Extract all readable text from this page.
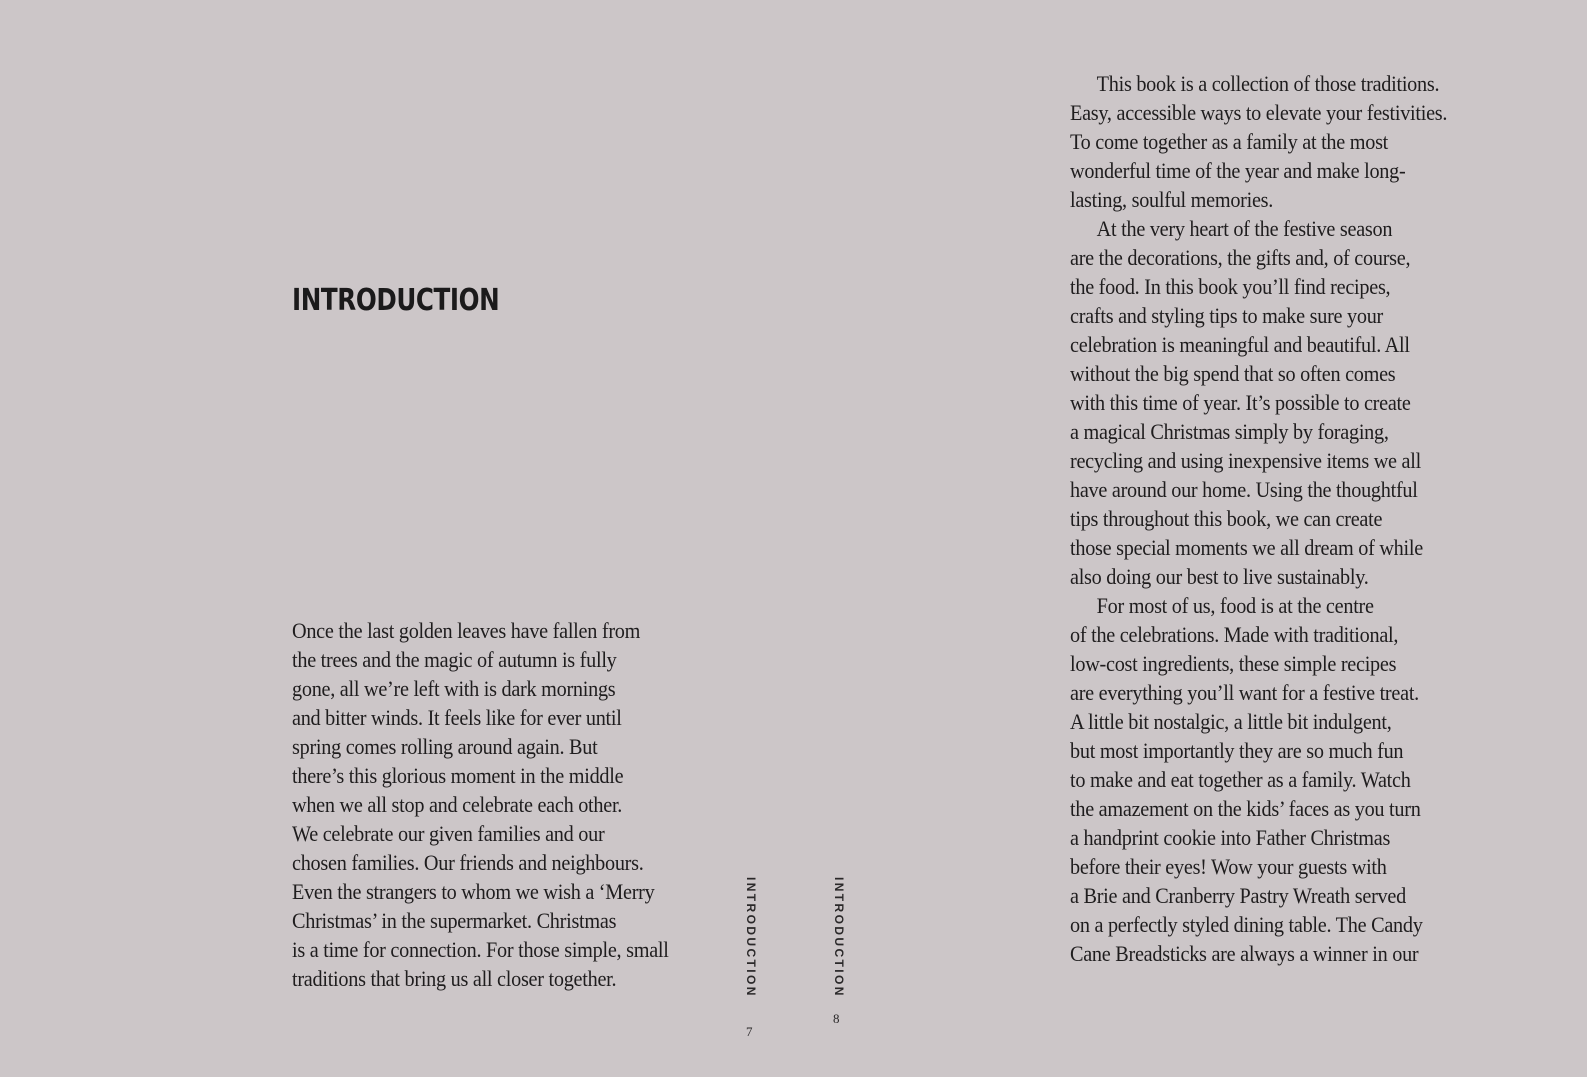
INTRODUCTION

Once the last golden leaves have fallen from
the trees and the magic of autumn is fully
gone, all we’re left with is dark mornings
and bitter winds. It feels like for ever until
spring comes rolling around again. But
there’s this glorious moment in the middle
when we all stop and celebrate each other.
We celebrate our given families and our
chosen families. Our friends and neighbours.
Even the strangers to whom we wish a ‘Merry
Christmas’ in the supermarket. Christmas
is a time for connection. For those simple, small
traditions that bring us all closer together.	INTRODUCTION
7
INTRODUCTION
8

This book is a collection of those traditions.
Easy, accessible ways to elevate your festivities.
To come together as a family at the most
wonderful time of the year and make long-
lasting, soulful memories.
At the very heart of the festive season
are the decorations, the gifts and, of course,
the food. In this book you’ll find recipes,
crafts and styling tips to make sure your
celebration is meaningful and beautiful. All
without the big spend that so often comes
with this time of year. It’s possible to create
a magical Christmas simply by foraging,
recycling and using inexpensive items we all
have around our home. Using the thoughtful
tips throughout this book, we can create
those special moments we all dream of while
also doing our best to live sustainably.
For most of us, food is at the centre
of the celebrations. Made with traditional,
low-cost ingredients, these simple recipes
are everything you’ll want for a festive treat.
A little bit nostalgic, a little bit indulgent,
but most importantly they are so much fun
to make and eat together as a family. Watch
the amazement on the kids’ faces as you turn
a handprint cookie into Father Christmas
before their eyes! Wow your guests with
a Brie and Cranberry Pastry Wreath served
on a perfectly styled dining table. The Candy
Cane Breadsticks are always a winner in our
